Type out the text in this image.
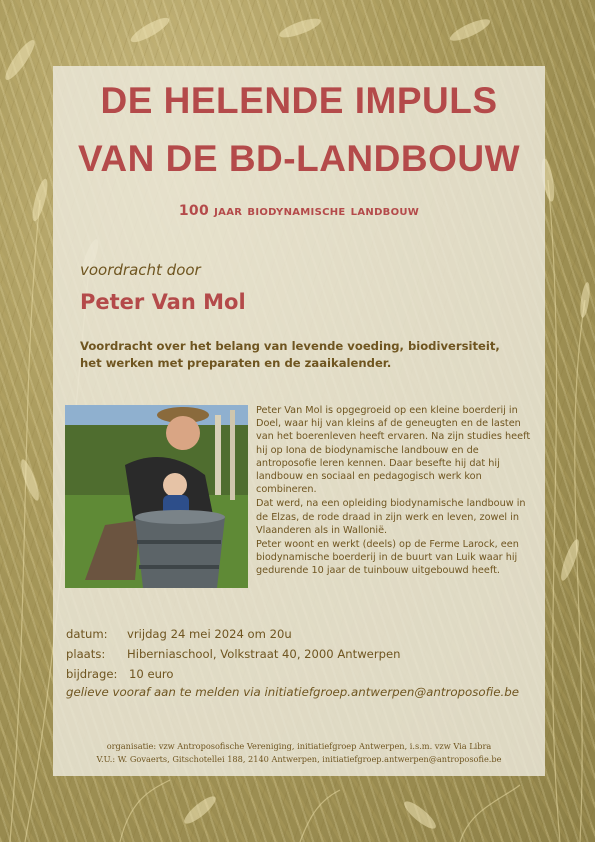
DE HELENDE IMPULS
VAN DE BD-LANDBOUW
100 jaar biodynamische landbouw
voordracht door
Peter Van Mol
Voordracht over het belang van levende voeding, biodiversiteit,
het werken met preparaten en de zaaikalender.

Peter Van Mol is opgegroeid op een kleine boerderij in Doel, waar hij van kleins af de geneugten en de lasten van het boerenleven heeft ervaren. Na zijn studies heeft hij op Iona de biodynamische landbouw en de antroposofie leren kennen. Daar besefte hij dat hij landbouw en sociaal en pedagogisch werk kon combineren.

Dat werd, na een opleiding biodynamische landbouw in de Elzas, de rode draad in zijn werk en leven, zowel in Vlaanderen als in Wallonië.

Peter woont en werkt (deels) op de Ferme Larock, een biodynamische boerderij in de buurt van Luik waar hij gedurende 10 jaar de tuinbouw uitgebouwd heeft.

datum: vrijdag 24 mei 2024 om 20u
plaats: Hiberniaschool, Volkstraat 40, 2000 Antwerpen
bijdrage: 10 euro
gelieve vooraf aan te melden via initiatiefgroep.antwerpen@antroposofie.be
organisatie: vzw Antroposofische Vereniging, initiatiefgroep Antwerpen, i.s.m. vzw Via Libra
V.U.: W. Govaerts, Gitschotellei 188, 2140 Antwerpen, initiatiefgroep.antwerpen@antroposofie.be
